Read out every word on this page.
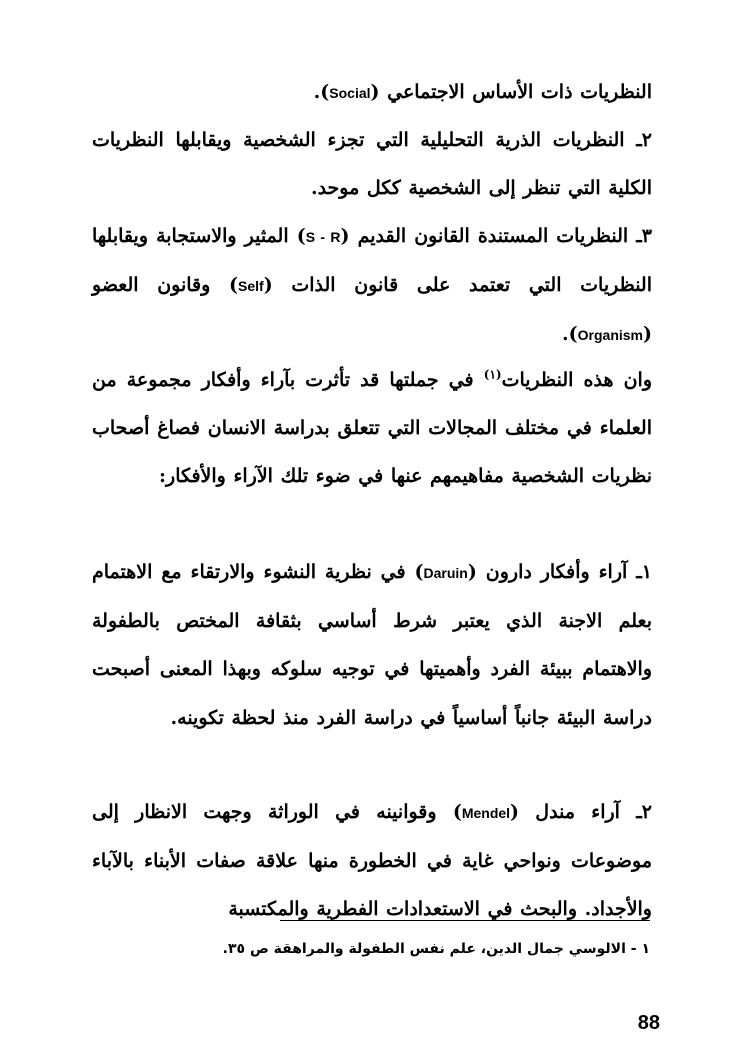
النظريات ذات الأساس الاجتماعي (Social).

٢ـ النظريات الذرية التحليلية التي تجزء الشخصية ويقابلها النظريات الكلية التي تنظر إلى الشخصية ككل موحد.

٣ـ النظريات المستندة القانون القديم (S - R) المثير والاستجابة ويقابلها النظريات التي تعتمد على قانون الذات (Self) وقانون العضو (Organism).

وان هذه النظريات$^{(١)}$ في جملتها قد تأثرت بآراء وأفكار مجموعة من العلماء في مختلف المجالات التي تتعلق بدراسة الانسان فصاغ أصحاب نظريات الشخصية مفاهيمهم عنها في ضوء تلك الآراء والأفكار:

١ـ آراء وأفكار دارون (Daruin) في نظرية النشوء والارتقاء مع الاهتمام بعلم الاجنة الذي يعتبر شرط أساسي بثقافة المختص بالطفولة والاهتمام ببيئة الفرد وأهميتها في توجيه سلوكه وبهذا المعنى أصبحت دراسة البيئة جانباً أساسياً في دراسة الفرد منذ لحظة تكوينه.

٢ـ آراء مندل (Mendel) وقوانينه في الوراثة وجهت الانظار إلى موضوعات ونواحي غاية في الخطورة منها علاقة صفات الأبناء بالآباء والأجداد. والبحث في الاستعدادات الفطرية والمكتسبة

١ - الالوسي جمال الدين، علم نفس الطفولة والمراهقة ص ٣٥.
88
